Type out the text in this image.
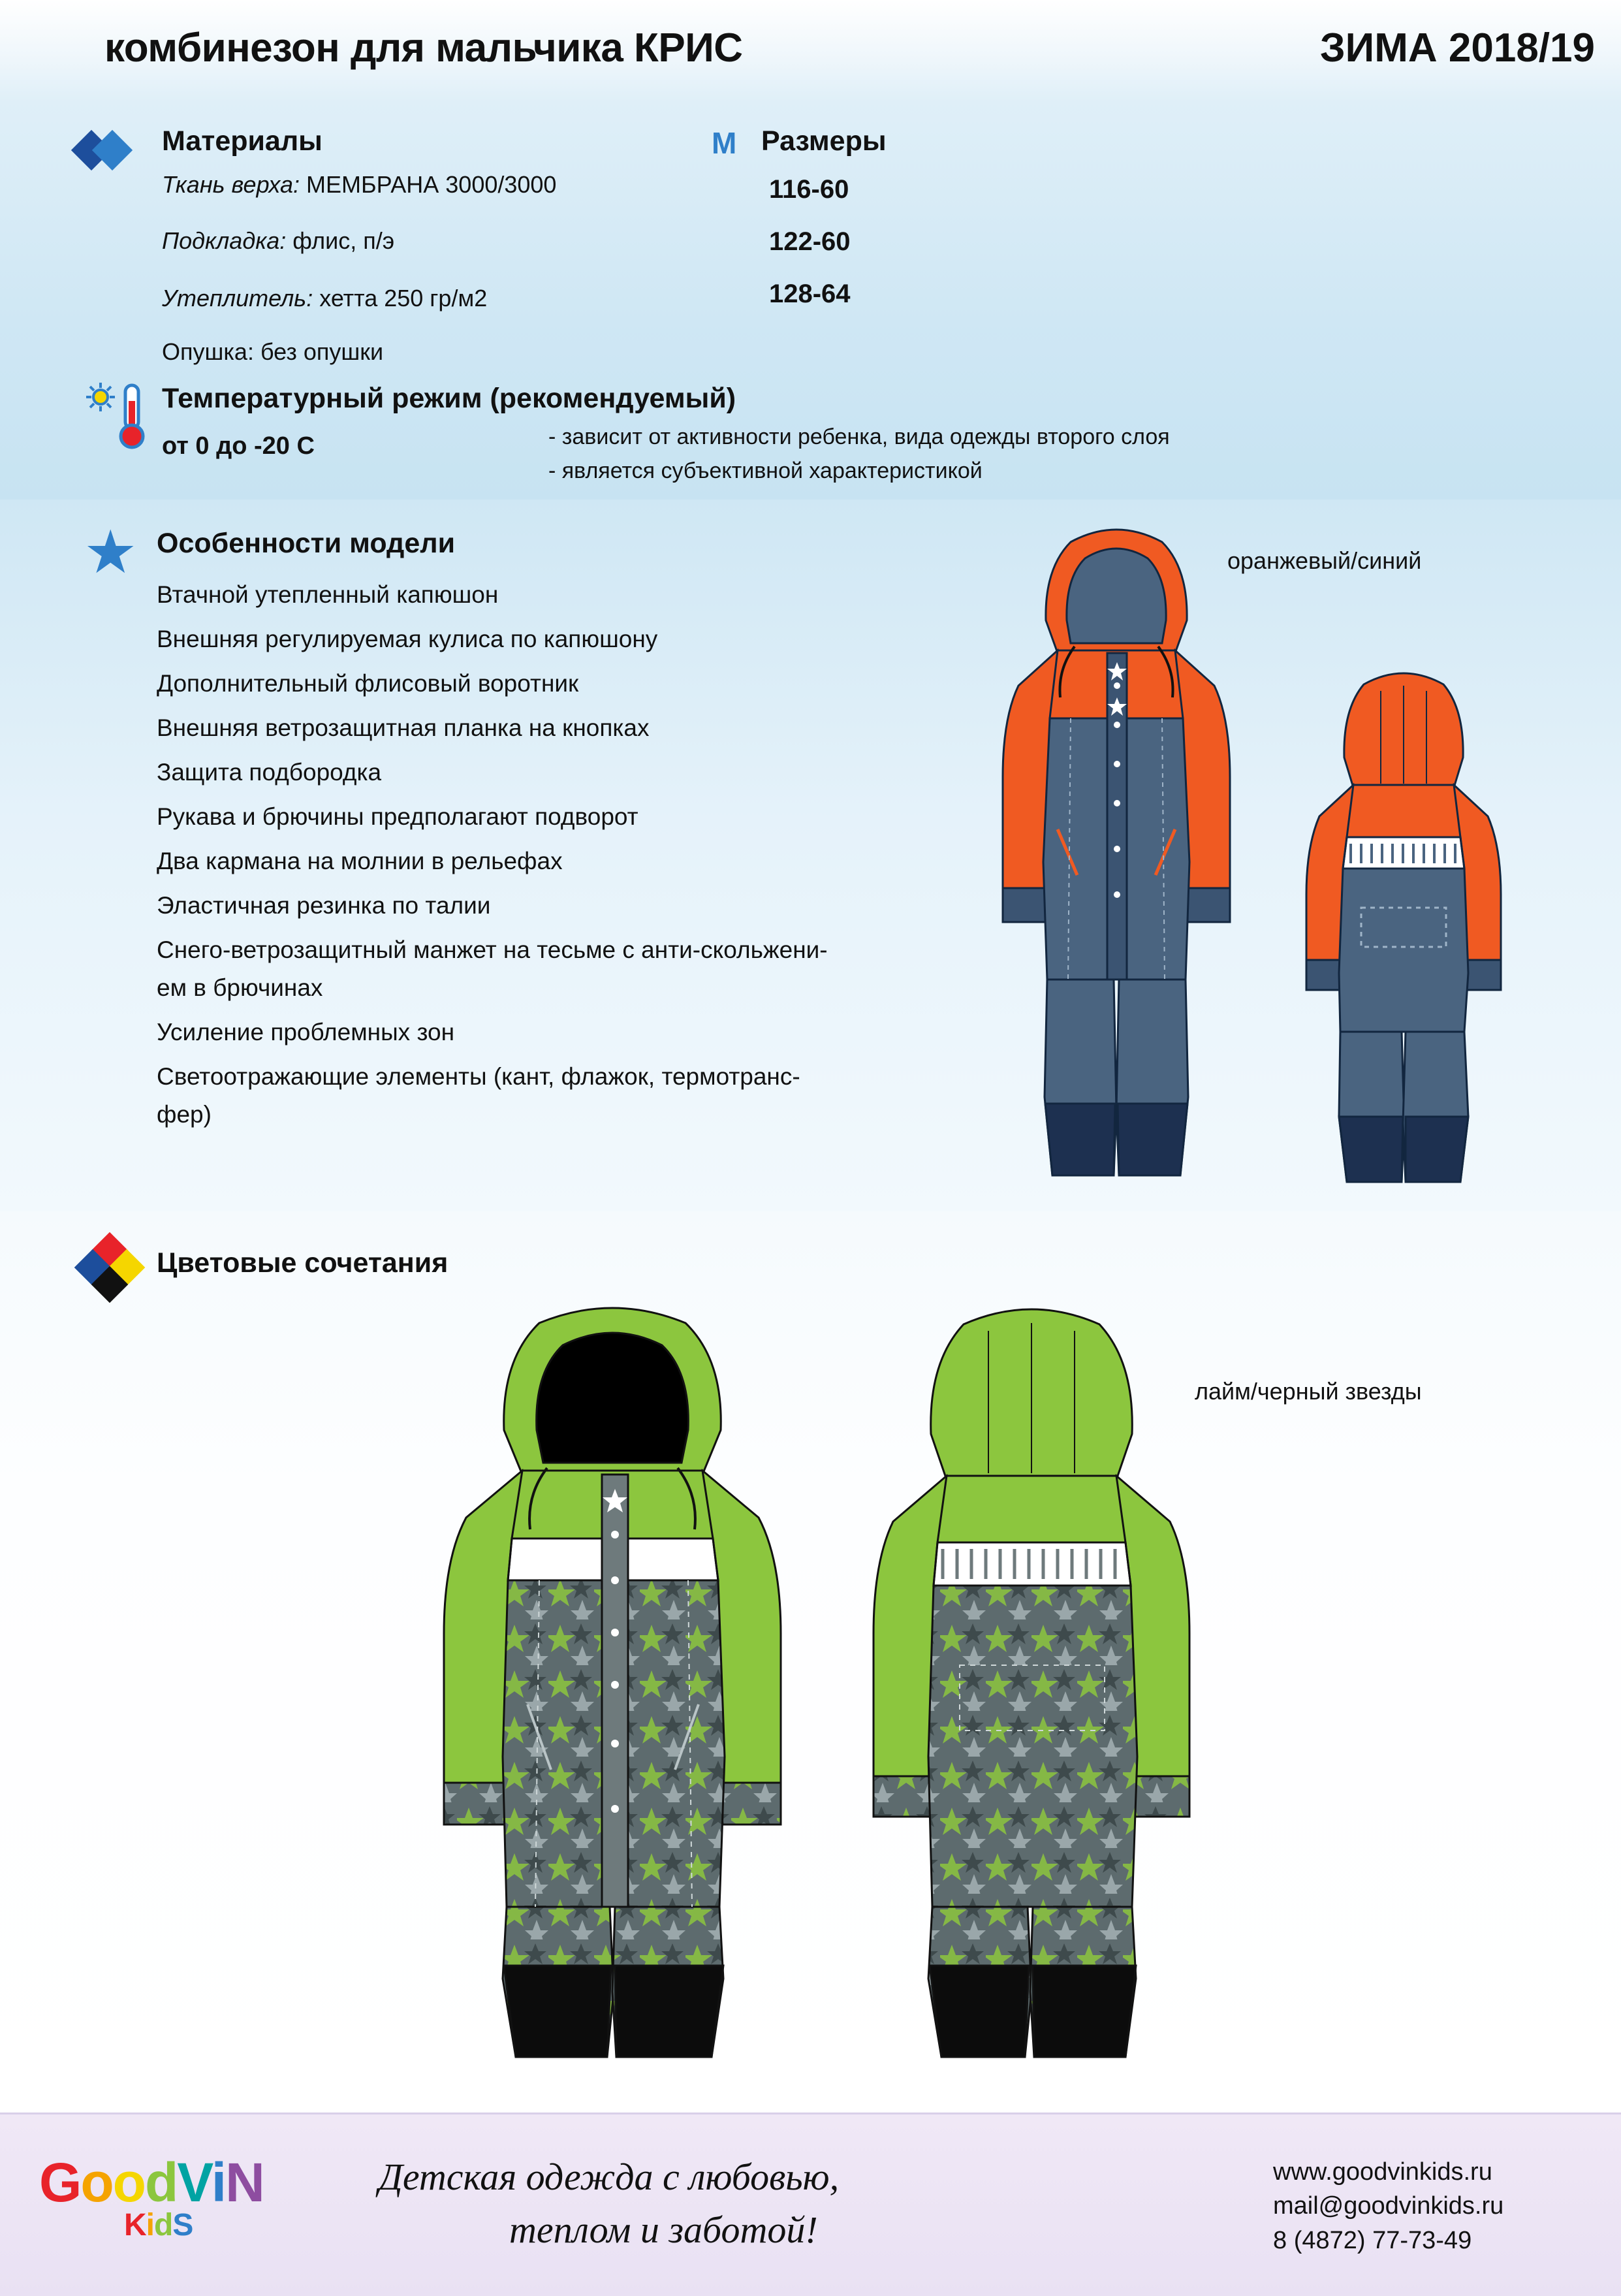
комбинезон для мальчика КРИС	ЗИМА 2018/19
Материалы
Ткань верха: МЕМБРАНА 3000/3000
Подкладка: флис, п/э
Утеплитель: хетта 250 гр/м2
Опушка: без опушки
M Размеры
116-60
122-60
128-64
Температурный режим (рекомендуемый)
от 0 до -20 С	- зависит от активности ребенка, вида одежды второго слоя
- является субъективной характеристикой
★ Особенности модели
Втачной утепленный капюшон
Внешняя регулируемая кулиса по капюшону
Дополнительный флисовый воротник
Внешняя ветрозащитная планка на кнопках
Защита подбородка
Рукава и брючины предполагают подворот
Два кармана на молнии в рельефах
Эластичная резинка по талии
Снего-ветрозащитный манжет на тесьме с анти-скольжени-
ем в брючинах
Усиление проблемных зон
Светоотражающие элементы (кант, флажок, термотранс-
фер)
оранжевый/синий
Цветовые сочетания
лайм/черный звезды
GoodViN
KidS
Детская одежда с любовью,
теплом и заботой!
www.goodvinkids.ru
mail@goodvinkids.ru
8 (4872) 77-73-49
